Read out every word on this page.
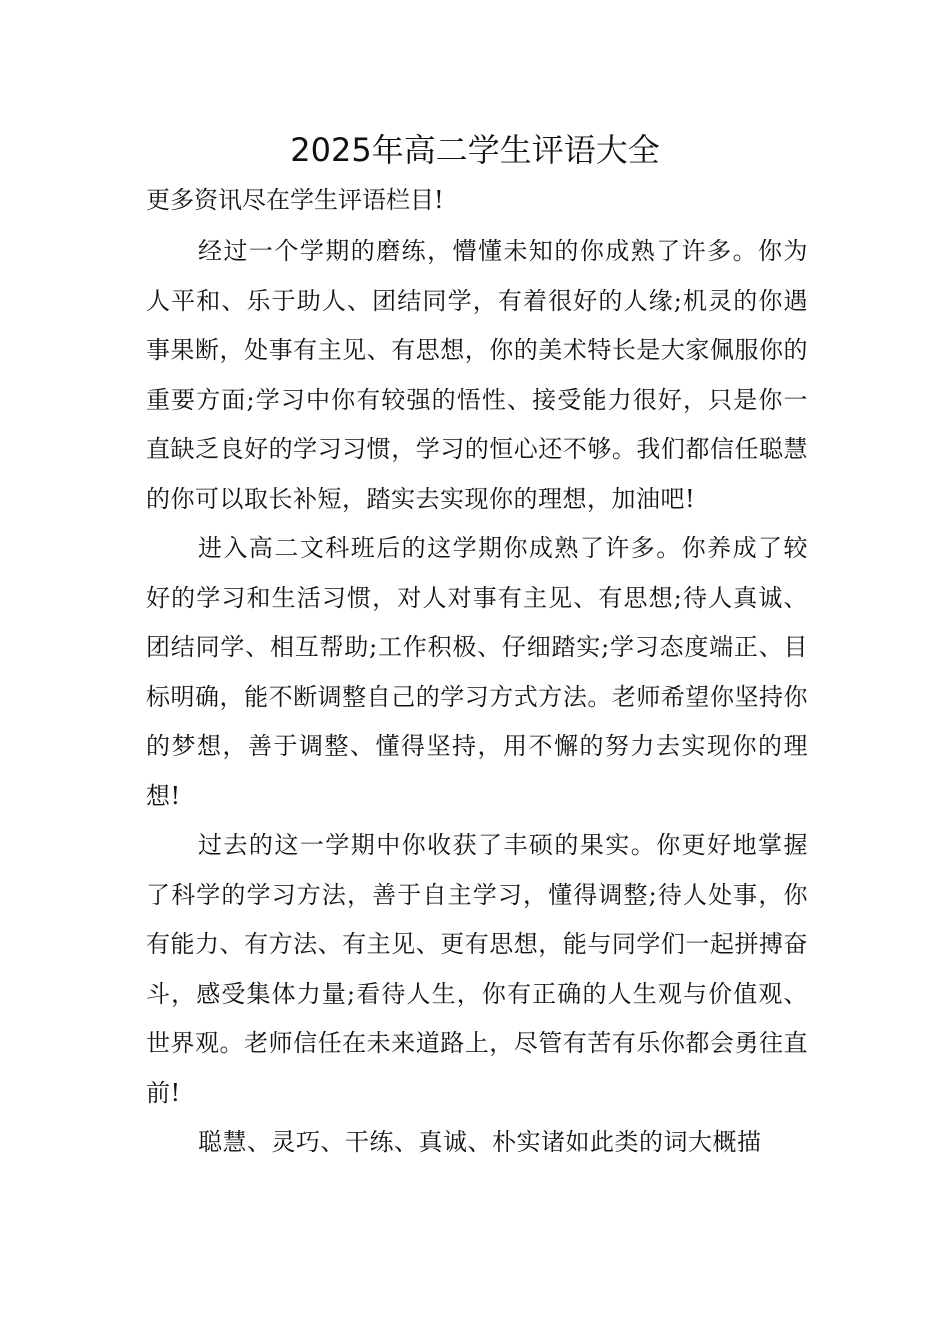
2025年高二学生评语大全

更多资讯尽在学生评语栏目!

经过一个学期的磨练，懵懂未知的你成熟了许多。你为人平和、乐于助人、团结同学，有着很好的人缘;机灵的你遇事果断，处事有主见、有思想，你的美术特长是大家佩服你的重要方面;学习中你有较强的悟性、接受能力很好，只是你一直缺乏良好的学习习惯，学习的恒心还不够。我们都信任聪慧的你可以取长补短，踏实去实现你的理想，加油吧!

进入高二文科班后的这学期你成熟了许多。你养成了较好的学习和生活习惯，对人对事有主见、有思想;待人真诚、团结同学、相互帮助;工作积极、仔细踏实;学习态度端正、目标明确，能不断调整自己的学习方式方法。老师希望你坚持你的梦想，善于调整、懂得坚持，用不懈的努力去实现你的理想!

过去的这一学期中你收获了丰硕的果实。你更好地掌握了科学的学习方法，善于自主学习，懂得调整;待人处事，你有能力、有方法、有主见、更有思想，能与同学们一起拼搏奋斗，感受集体力量;看待人生，你有正确的人生观与价值观、世界观。老师信任在未来道路上，尽管有苦有乐你都会勇往直前!

聪慧、灵巧、干练、真诚、朴实诸如此类的词大概描
